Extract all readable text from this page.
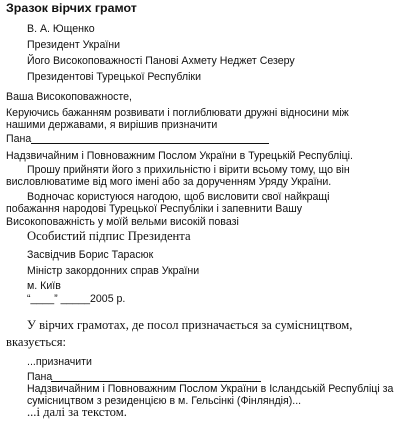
Зразок вірчих грамот
В. А. Ющенко
Президент України
Його Високоповажності Панові Ахмету Неджет Сезеру
Президентові Турецької Республіки
Ваша Високоповажносте,
Керуючись бажанням розвивати і поглиблювати дружні відносини між нашими державами, я вирішив призначити
Пана
Надзвичайним і Повноважним Послом України в Турецькій Республіці.
Прошу прийняти його з прихильністю і вірити всьому тому, що він висловлюватиме від мого імені або за дорученням Уряду України.
Водночас користуюся нагодою, щоб висловити свої найкращі побажання народові Турецької Республіки і запевнити Вашу Високоповажність у моїй вельми високій повазі
Особистий підпис Президента
Засвідчив Борис Тарасюк
Міністр закордонних справ України
м. Київ
“____” _____2005 р.
У вірчих грамотах, де посол призначається за сумісництвом, вказується:
...призначити
Пана
Надзвичайним і Повноважним Послом України в Ісландській Республіці за сумісництвом з резиденцією в м. Гельсінкі (Фінляндія)...
...і далі за текстом.
